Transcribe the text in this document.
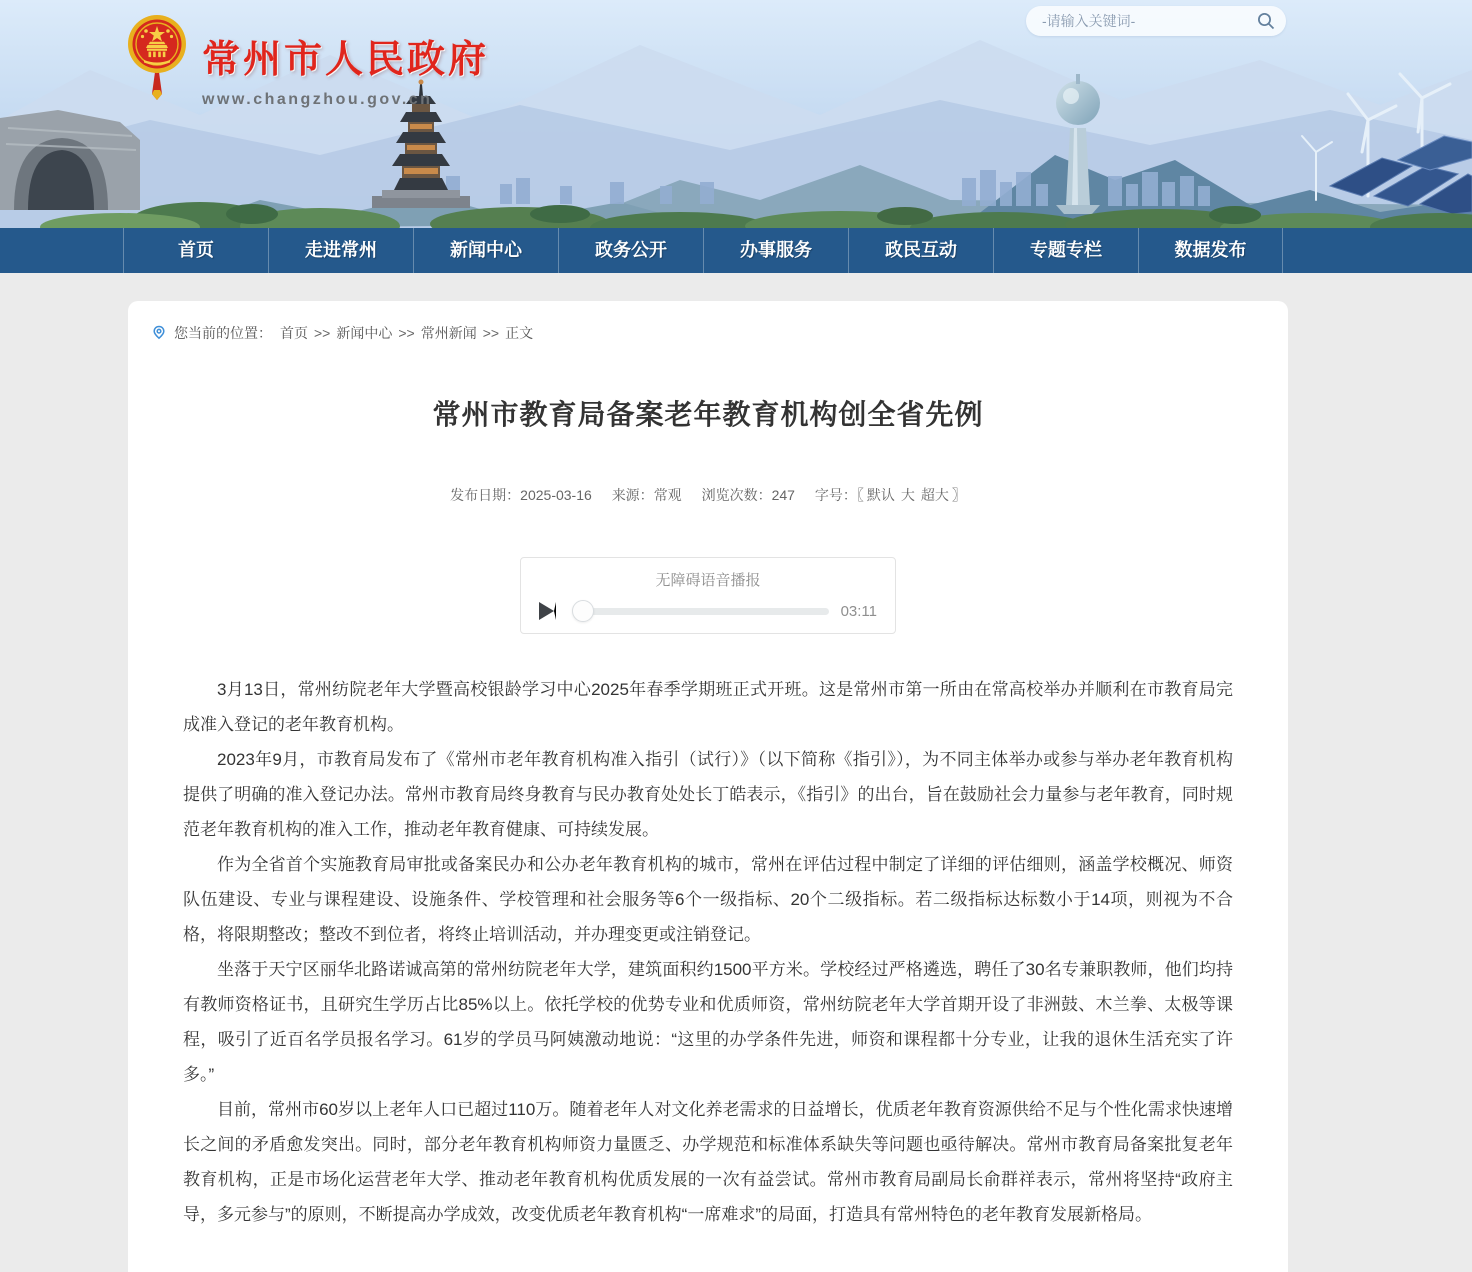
常州市人民政府
www.changzhou.gov.cn
-请输入关键词-
首页	走进常州	新闻中心	政务公开	办事服务	政民互动	专题专栏	数据发布
您当前的位置： 首页 >> 新闻中心 >> 常州新闻 >> 正文
常州市教育局备案老年教育机构创全省先例
发布日期：2025-03-16 来源：常观 浏览次数：247 字号：〖 默认 大 超大 〗
无障碍语音播报
03:11

3月13日，常州纺院老年大学暨高校银龄学习中心2025年春季学期班正式开班。这是常州市第一所由在常高校举办并顺利在市教育局完成准入登记的老年教育机构。

2023年9月，市教育局发布了《常州市老年教育机构准入指引（试行）》（以下简称《指引》），为不同主体举办或参与举办老年教育机构提供了明确的准入登记办法。常州市教育局终身教育与民办教育处处长丁皓表示，《指引》的出台，旨在鼓励社会力量参与老年教育，同时规范老年教育机构的准入工作，推动老年教育健康、可持续发展。

作为全省首个实施教育局审批或备案民办和公办老年教育机构的城市，常州在评估过程中制定了详细的评估细则，涵盖学校概况、师资队伍建设、专业与课程建设、设施条件、学校管理和社会服务等6个一级指标、20个二级指标。若二级指标达标数小于14项，则视为不合格，将限期整改；整改不到位者，将终止培训活动，并办理变更或注销登记。

坐落于天宁区丽华北路诺诚高第的常州纺院老年大学，建筑面积约1500平方米。学校经过严格遴选，聘任了30名专兼职教师，他们均持有教师资格证书，且研究生学历占比85%以上。依托学校的优势专业和优质师资，常州纺院老年大学首期开设了非洲鼓、木兰拳、太极等课程，吸引了近百名学员报名学习。61岁的学员马阿姨激动地说：“这里的办学条件先进，师资和课程都十分专业，让我的退休生活充实了许多。”

目前，常州市60岁以上老年人口已超过110万。随着老年人对文化养老需求的日益增长，优质老年教育资源供给不足与个性化需求快速增长之间的矛盾愈发突出。同时，部分老年教育机构师资力量匮乏、办学规范和标准体系缺失等问题也亟待解决。常州市教育局备案批复老年教育机构，正是市场化运营老年大学、推动老年教育机构优质发展的一次有益尝试。常州市教育局副局长俞群祥表示，常州将坚持“政府主导，多元参与”的原则，不断提高办学成效，改变优质老年教育机构“一席难求”的局面，打造具有常州特色的老年教育发展新格局。
